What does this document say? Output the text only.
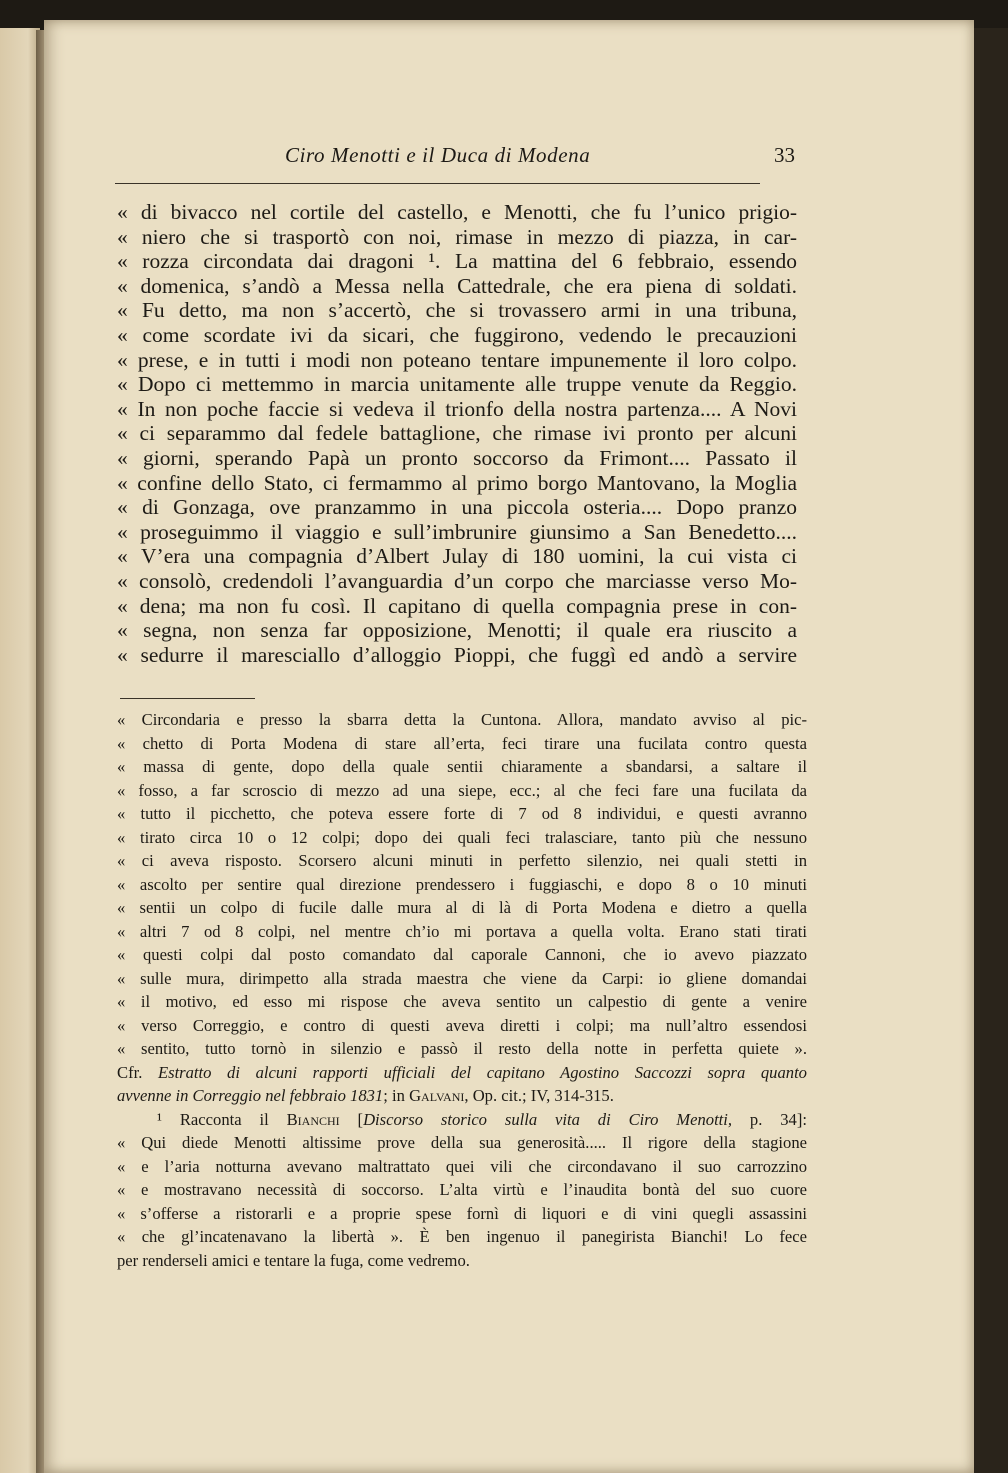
Ciro Menotti e il Duca di Modena	33
« di bivacco nel cortile del castello, e Menotti, che fu l’unico prigio-
« niero che si trasportò con noi, rimase in mezzo di piazza, in car-
« rozza circondata dai dragoni ¹. La mattina del 6 febbraio, essendo
« domenica, s’andò a Messa nella Cattedrale, che era piena di soldati.
« Fu detto, ma non s’accertò, che si trovassero armi in una tribuna,
« come scordate ivi da sicari, che fuggirono, vedendo le precauzioni
« prese, e in tutti i modi non poteano tentare impunemente il loro colpo.
« Dopo ci mettemmo in marcia unitamente alle truppe venute da Reggio.
« In non poche faccie si vedeva il trionfo della nostra partenza.... A Novi
« ci separammo dal fedele battaglione, che rimase ivi pronto per alcuni
« giorni, sperando Papà un pronto soccorso da Frimont.... Passato il
« confine dello Stato, ci fermammo al primo borgo Mantovano, la Moglia
« di Gonzaga, ove pranzammo in una piccola osteria.... Dopo pranzo
« proseguimmo il viaggio e sull’imbrunire giunsimo a San Benedetto....
« V’era una compagnia d’Albert Julay di 180 uomini, la cui vista ci
« consolò, credendoli l’avanguardia d’un corpo che marciasse verso Mo-
« dena; ma non fu così. Il capitano di quella compagnia prese in con-
« segna, non senza far opposizione, Menotti; il quale era riuscito a
« sedurre il maresciallo d’alloggio Pioppi, che fuggì ed andò a servire
« Circondaria e presso la sbarra detta la Cuntona. Allora, mandato avviso al pic-
« chetto di Porta Modena di stare all’erta, feci tirare una fucilata contro questa
« massa di gente, dopo della quale sentii chiaramente a sbandarsi, a saltare il
« fosso, a far scroscio di mezzo ad una siepe, ecc.; al che feci fare una fucilata da
« tutto il picchetto, che poteva essere forte di 7 od 8 individui, e questi avranno
« tirato circa 10 o 12 colpi; dopo dei quali feci tralasciare, tanto più che nessuno
« ci aveva risposto. Scorsero alcuni minuti in perfetto silenzio, nei quali stetti in
« ascolto per sentire qual direzione prendessero i fuggiaschi, e dopo 8 o 10 minuti
« sentii un colpo di fucile dalle mura al di là di Porta Modena e dietro a quella
« altri 7 od 8 colpi, nel mentre ch’io mi portava a quella volta. Erano stati tirati
« questi colpi dal posto comandato dal caporale Cannoni, che io avevo piazzato
« sulle mura, dirimpetto alla strada maestra che viene da Carpi: io gliene domandai
« il motivo, ed esso mi rispose che aveva sentito un calpestio di gente a venire
« verso Correggio, e contro di questi aveva diretti i colpi; ma null’altro essendosi
« sentito, tutto tornò in silenzio e passò il resto della notte in perfetta quiete ».
Cfr. Estratto di alcuni rapporti ufficiali del capitano Agostino Saccozzi sopra quanto
avvenne in Correggio nel febbraio 1831; in Galvani, Op. cit.; IV, 314-315.
¹ Racconta il Bianchi [Discorso storico sulla vita di Ciro Menotti, p. 34]:
« Qui diede Menotti altissime prove della sua generosità..... Il rigore della stagione
« e l’aria notturna avevano maltrattato quei vili che circondavano il suo carrozzino
« e mostravano necessità di soccorso. L’alta virtù e l’inaudita bontà del suo cuore
« s’offerse a ristorarli e a proprie spese fornì di liquori e di vini quegli assassini
« che gl’incatenavano la libertà ». È ben ingenuo il panegirista Bianchi! Lo fece
per renderseli amici e tentare la fuga, come vedremo.
